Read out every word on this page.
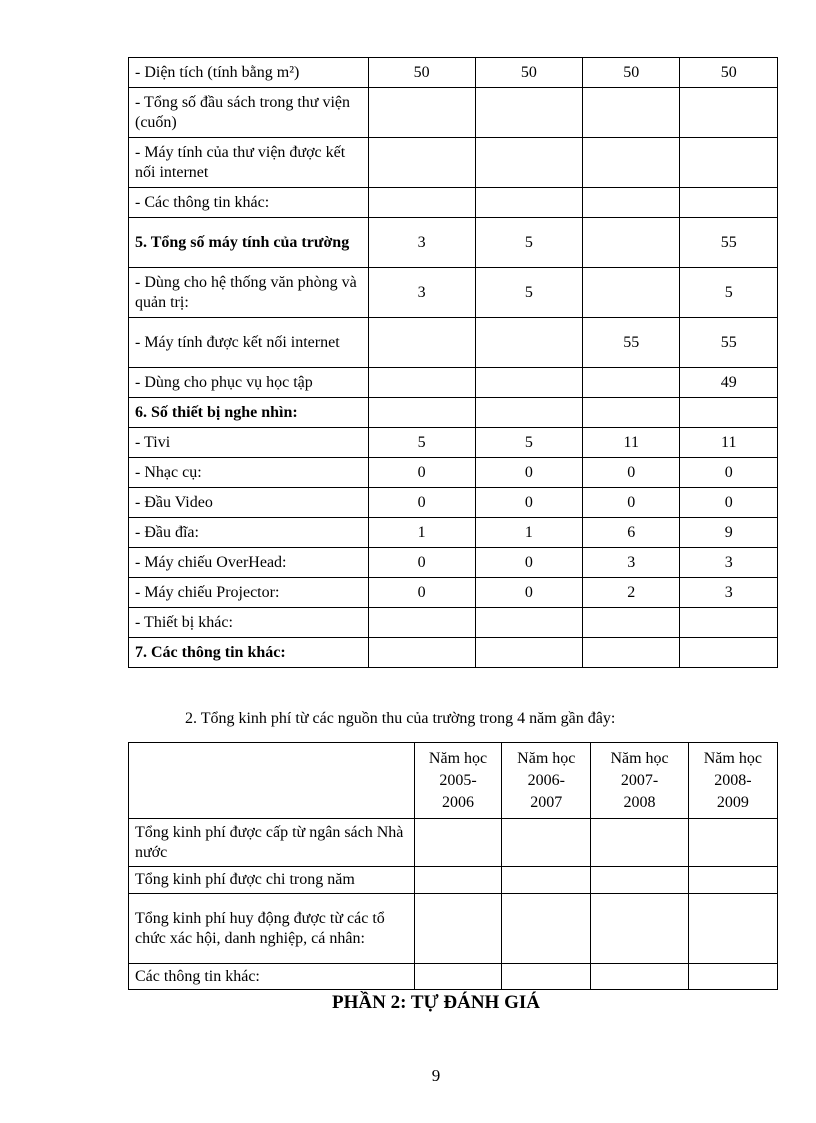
- Diện tích (tính bằng m²)	50	50	50	50
- Tổng số đầu sách trong thư viện (cuốn)				
- Máy tính của thư viện được kết nối internet				
- Các thông tin khác:				
5. Tổng số máy tính của trường	3	5		55
- Dùng cho hệ thống văn phòng và quản trị:	3	5		5
- Máy tính được kết nối internet			55	55
- Dùng cho phục vụ học tập				49
6. Số thiết bị nghe nhìn:				
- Tivi	5	5	11	11
- Nhạc cụ:	0	0	0	0
- Đầu Video	0	0	0	0
- Đầu đĩa:	1	1	6	9
- Máy chiếu OverHead:	0	0	3	3
- Máy chiếu Projector:	0	0	2	3
- Thiết bị khác:				
7. Các thông tin khác:				
2. Tổng kinh phí từ các nguồn thu của trường trong 4 năm gần đây:

	Năm học
2005-
2006	Năm học
2006-
2007	Năm học
2007-
2008	Năm học
2008-
2009

Tổng kinh phí được cấp từ ngân sách Nhà nước				
Tổng kinh phí được chi trong năm				
Tổng kinh phí huy động được từ các tổ chức xác hội, danh nghiệp, cá nhân:				
Các thông tin khác:				
PHẦN 2: TỰ ĐÁNH GIÁ
9
